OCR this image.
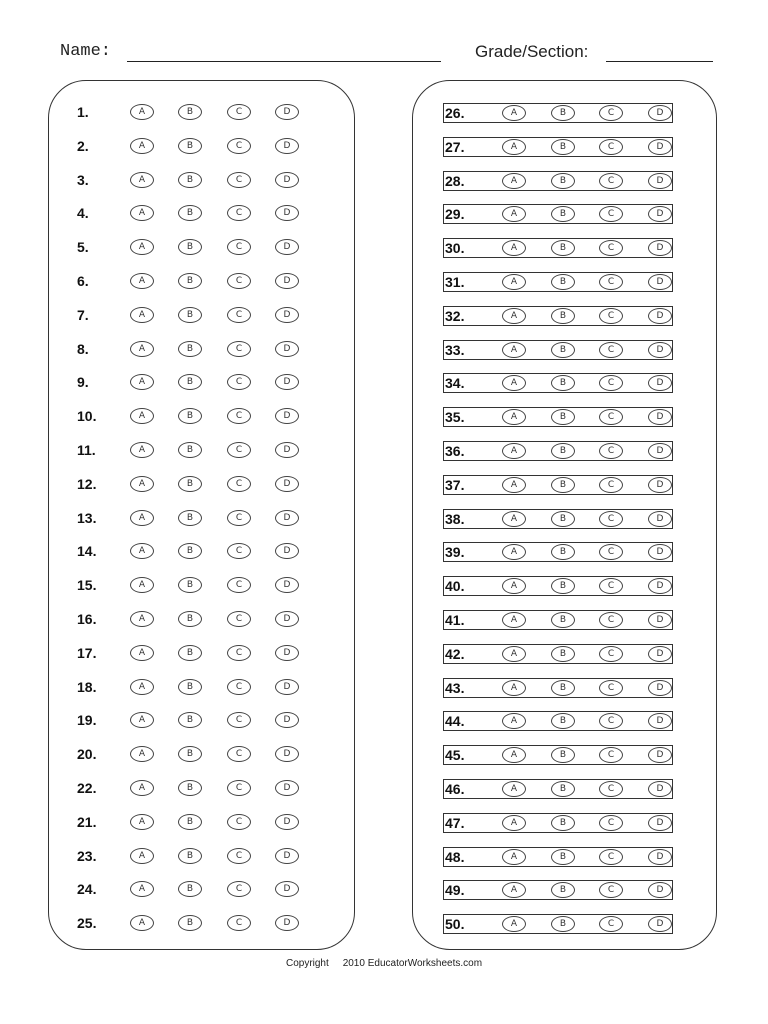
Name:	Grade/Section:
1.	A	B	C	D
2.	A	B	C	D
3.	A	B	C	D
4.	A	B	C	D
5.	A	B	C	D
6.	A	B	C	D
7.	A	B	C	D
8.	A	B	C	D
9.	A	B	C	D
10.	A	B	C	D
11.	A	B	C	D
12.	A	B	C	D
13.	A	B	C	D
14.	A	B	C	D
15.	A	B	C	D
16.	A	B	C	D
17.	A	B	C	D
18.	A	B	C	D
19.	A	B	C	D
20.	A	B	C	D
22.	A	B	C	D
21.	A	B	C	D
23.	A	B	C	D
24.	A	B	C	D
25.	A	B	C	D
26.	A	B	C	D
27.	A	B	C	D
28.	A	B	C	D
29.	A	B	C	D
30.	A	B	C	D
31.	A	B	C	D
32.	A	B	C	D
33.	A	B	C	D
34.	A	B	C	D
35.	A	B	C	D
36.	A	B	C	D
37.	A	B	C	D
38.	A	B	C	D
39.	A	B	C	D
40.	A	B	C	D
41.	A	B	C	D
42.	A	B	C	D
43.	A	B	C	D
44.	A	B	C	D
45.	A	B	C	D
46.	A	B	C	D
47.	A	B	C	D
48.	A	B	C	D
49.	A	B	C	D
50.	A	B	C	D
Copyright 2010 EducatorWorksheets.com
